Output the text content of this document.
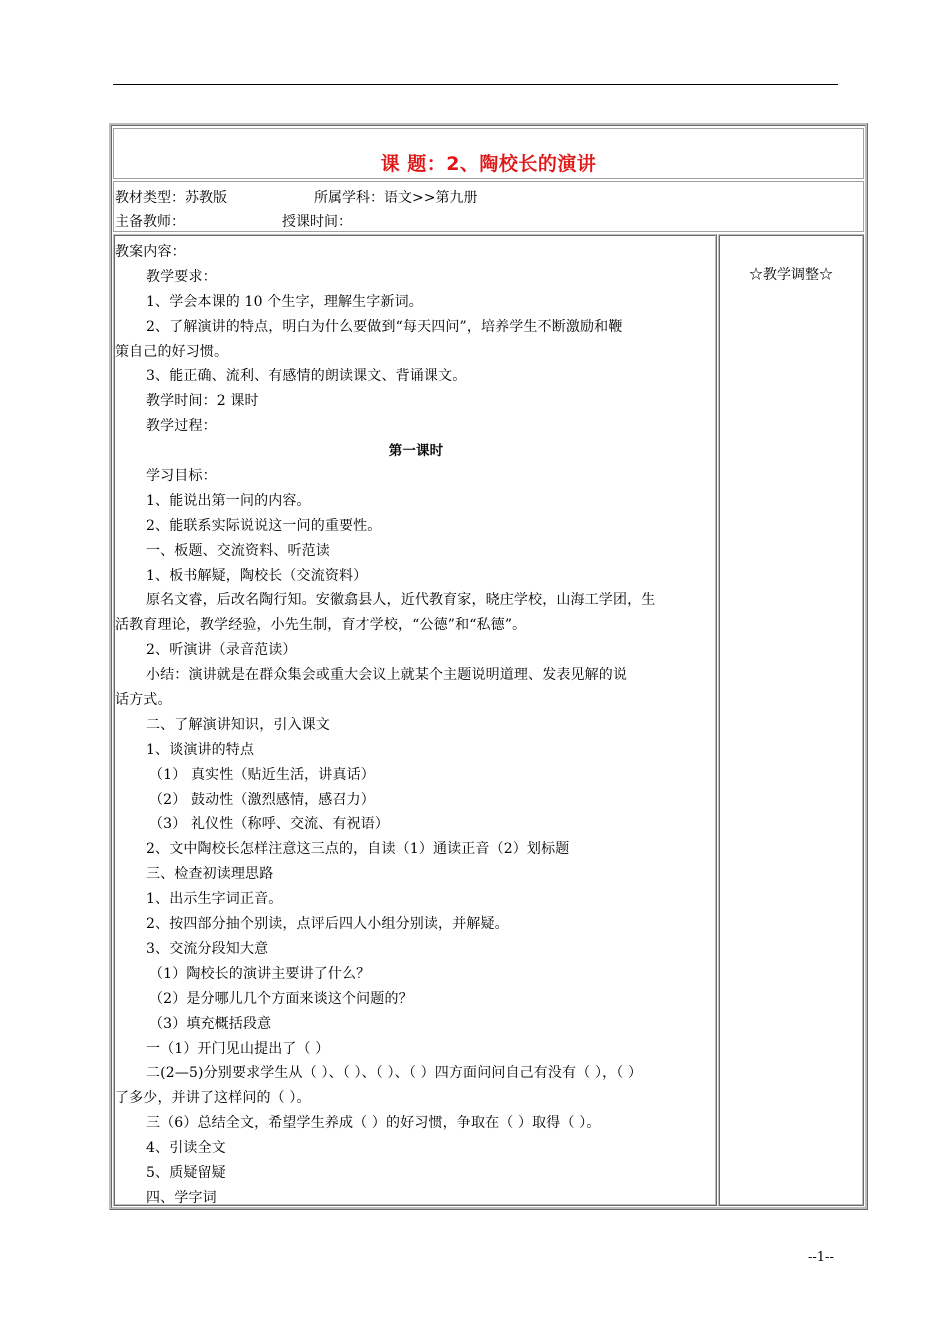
课 题：2、陶校长的演讲
教材类型：苏教版	所属学科：语文>>第九册
主备教师：	授课时间：
教案内容：
教学要求：
1、学会本课的 10 个生字，理解生字新词。
2、了解演讲的特点，明白为什么要做到“每天四问”，培养学生不断激励和鞭
策自己的好习惯。
3、能正确、流利、有感情的朗读课文、背诵课文。
教学时间：2 课时
教学过程：
第一课时
学习目标：
1、能说出第一问的内容。
2、能联系实际说说这一问的重要性。
一、板题、交流资料、听范读
1、板书解疑，陶校长（交流资料）
原名文睿，后改名陶行知。安徽翕县人，近代教育家，晓庄学校，山海工学团，生
活教育理论，教学经验，小先生制，育才学校，“公德”和“私德”。
2、听演讲（录音范读）
小结：演讲就是在群众集会或重大会议上就某个主题说明道理、发表见解的说
话方式。
二、了解演讲知识，引入课文
1、谈演讲的特点
（1） 真实性（贴近生活，讲真话）
（2） 鼓动性（激烈感情，感召力）
（3） 礼仪性（称呼、交流、有祝语）
2、文中陶校长怎样注意这三点的，自读（1）通读正音（2）划标题
三、检查初读理思路
1、出示生字词正音。
2、按四部分抽个别读，点评后四人小组分别读，并解疑。
3、交流分段知大意
（1）陶校长的演讲主要讲了什么？
（2）是分哪儿几个方面来谈这个问题的？
（3）填充概括段意
一（1）开门见山提出了（ ）
二(2—5)分别要求学生从（ ）、（ ）、（ ）、（ ）四方面问问自己有没有（ ），（ ）
了多少，并讲了这样问的（ ）。
三（6）总结全文，希望学生养成（ ）的好习惯，争取在（ ）取得（ ）。
4、引读全文
5、质疑留疑
四、学字词
☆教学调整☆
--1--
